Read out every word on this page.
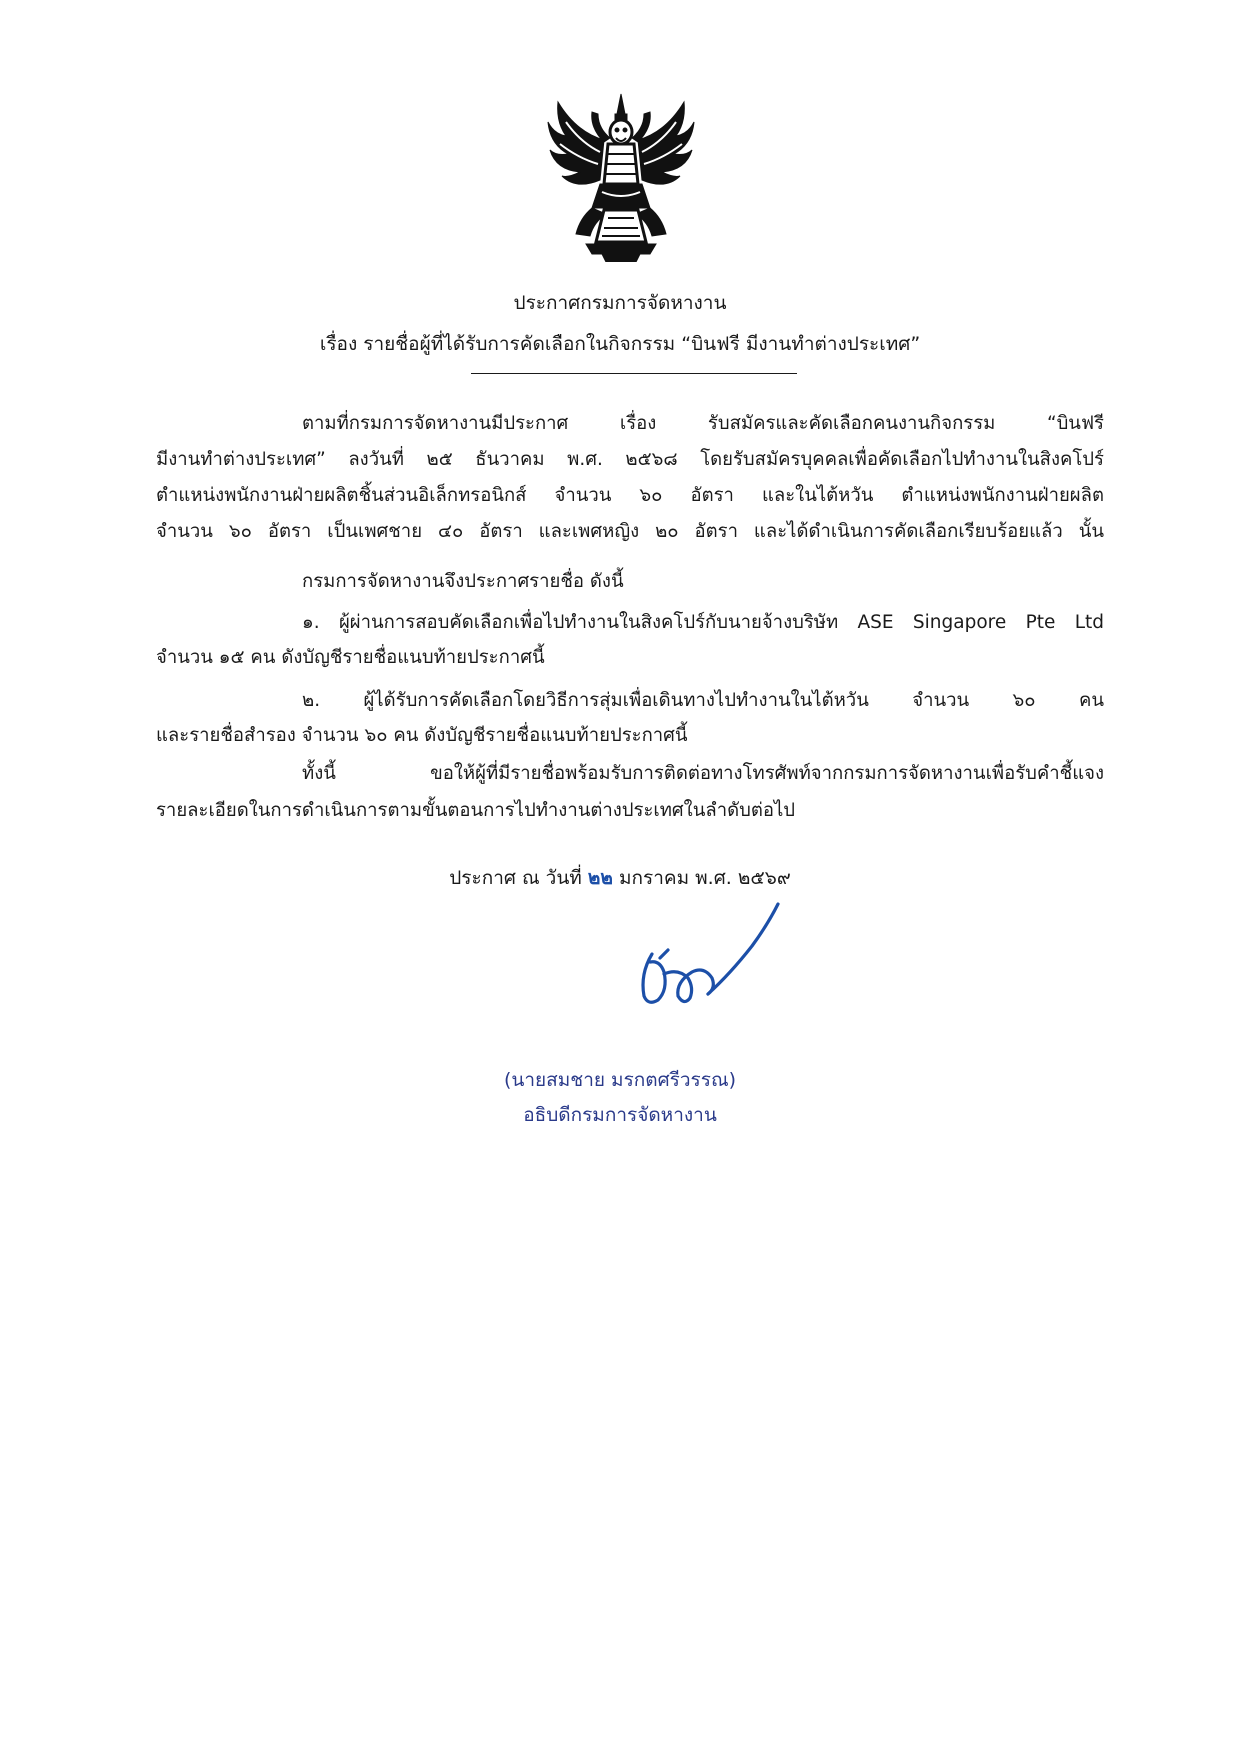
ประกาศกรมการจัดหางาน
เรื่อง รายชื่อผู้ที่ได้รับการคัดเลือกในกิจกรรม “บินฟรี มีงานทำต่างประเทศ”
ตามที่กรมการจัดหางานมีประกาศ เรื่อง รับสมัครและคัดเลือกคนงานกิจกรรม “บินฟรี
มีงานทำต่างประเทศ” ลงวันที่ ๒๕ ธันวาคม พ.ศ. ๒๕๖๘ โดยรับสมัครบุคคลเพื่อคัดเลือกไปทำงานในสิงคโปร์
ตำแหน่งพนักงานฝ่ายผลิตชิ้นส่วนอิเล็กทรอนิกส์ จำนวน ๖๐ อัตรา และในไต้หวัน ตำแหน่งพนักงานฝ่ายผลิต
จำนวน ๖๐ อัตรา เป็นเพศชาย ๔๐ อัตรา และเพศหญิง ๒๐ อัตรา และได้ดำเนินการคัดเลือกเรียบร้อยแล้ว นั้น
กรมการจัดหางานจึงประกาศรายชื่อ ดังนี้
๑. ผู้ผ่านการสอบคัดเลือกเพื่อไปทำงานในสิงคโปร์กับนายจ้างบริษัท ASE Singapore Pte Ltd
จำนวน ๑๕ คน ดังบัญชีรายชื่อแนบท้ายประกาศนี้
๒. ผู้ได้รับการคัดเลือกโดยวิธีการสุ่มเพื่อเดินทางไปทำงานในไต้หวัน จำนวน ๖๐ คน
และรายชื่อสำรอง จำนวน ๖๐ คน ดังบัญชีรายชื่อแนบท้ายประกาศนี้
ทั้งนี้ ขอให้ผู้ที่มีรายชื่อพร้อมรับการติดต่อทางโทรศัพท์จากกรมการจัดหางานเพื่อรับคำชี้แจง
รายละเอียดในการดำเนินการตามขั้นตอนการไปทำงานต่างประเทศในลำดับต่อไป
ประกาศ ณ วันที่ ๒๒ มกราคม พ.ศ. ๒๕๖๙
(นายสมชาย มรกตศรีวรรณ)
อธิบดีกรมการจัดหางาน
